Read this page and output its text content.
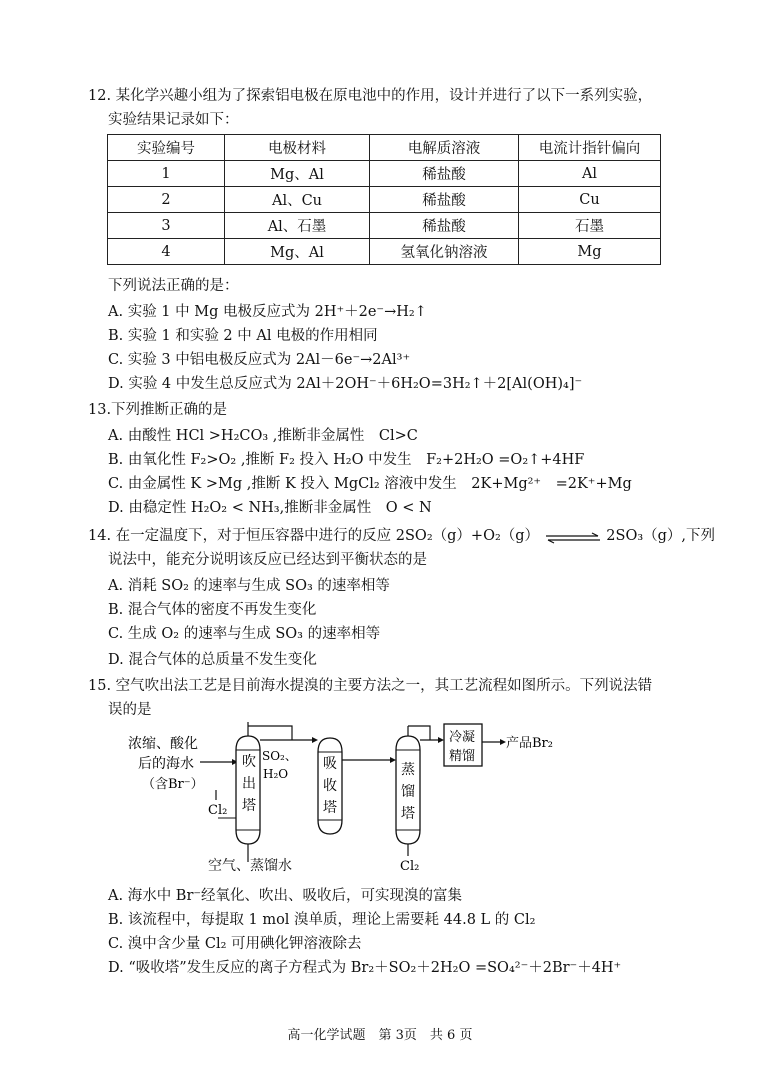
12. 某化学兴趣小组为了探索铝电极在原电池中的作用，设计并进行了以下一系列实验，
实验结果记录如下：
实验编号	电极材料	电解质溶液	电流计指针偏向
1	Mg、Al	稀盐酸	Al
2	Al、Cu	稀盐酸	Cu
3	Al、石墨	稀盐酸	石墨
4	Mg、Al	氢氧化钠溶液	Mg
下列说法正确的是：
A. 实验 1 中 Mg 电极反应式为 2H⁺＋2e⁻→H₂↑
B. 实验 1 和实验 2 中 Al 电极的作用相同
C. 实验 3 中铝电极反应式为 2Al－6e⁻→2Al³⁺
D. 实验 4 中发生总反应式为 2Al＋2OH⁻＋6H₂O=3H₂↑＋2[Al(OH)₄]⁻
13.下列推断正确的是
A. 由酸性 HCl >H₂CO₃ ,推断非金属性　Cl>C
B. 由氧化性 F₂>O₂ ,推断 F₂ 投入 H₂O 中发生　F₂+2H₂O =O₂↑+4HF
C. 由金属性 K >Mg ,推断 K 投入 MgCl₂ 溶液中发生　2K+Mg²⁺　=2K⁺+Mg
D. 由稳定性 H₂O₂ < NH₃,推断非金属性　O < N
14. 在一定温度下，对于恒压容器中进行的反应 2SO₂（g）+O₂（g） ⇌ 2SO₃（g）,下列
说法中，能充分说明该反应已经达到平衡状态的是
A. 消耗 SO₂ 的速率与生成 SO₃ 的速率相等
B. 混合气体的密度不再发生变化
C. 生成 O₂ 的速率与生成 SO₃ 的速率相等
D. 混合气体的总质量不发生变化
15. 空气吹出法工艺是目前海水提溴的主要方法之一，其工艺流程如图所示。下列说法错
误的是
浓缩、酸化
后的海水
（含Br⁻）
Cl₂
吹
出
塔
SO₂、
H₂O
吸
收
塔
蒸
馏
塔
Cl₂
冷凝
精馏
产品Br₂
空气、蒸馏水
A. 海水中 Br⁻经氧化、吹出、吸收后，可实现溴的富集
B. 该流程中，每提取 1 mol 溴单质，理论上需要耗 44.8 L 的 Cl₂
C. 溴中含少量 Cl₂ 可用碘化钾溶液除去
D. “吸收塔”发生反应的离子方程式为 Br₂＋SO₂＋2H₂O =SO₄²⁻＋2Br⁻＋4H⁺
高一化学试题　第 3页　共 6 页
